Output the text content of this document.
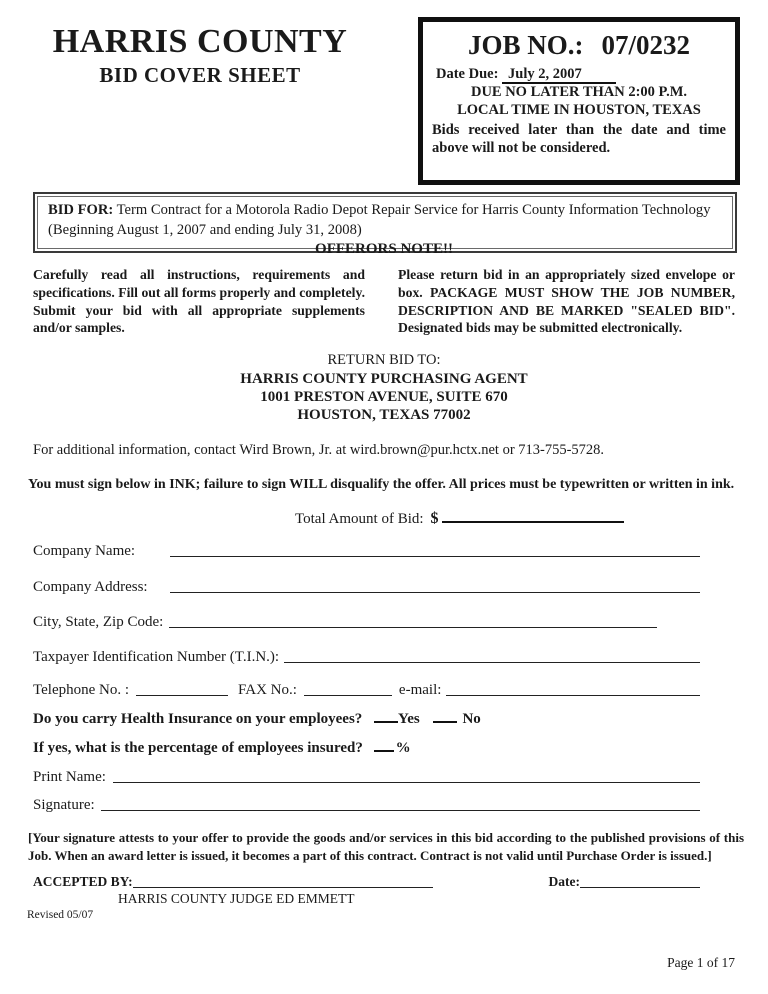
HARRIS COUNTY
BID COVER SHEET
JOB NO.: 07/0232
Date Due: July 2, 2007
DUE NO LATER THAN 2:00 P.M.
LOCAL TIME IN HOUSTON, TEXAS
Bids received later than the date and time above will not be considered.
BID FOR: Term Contract for a Motorola Radio Depot Repair Service for Harris County Information Technology (Beginning August 1, 2007 and ending July 31, 2008)
OFFERORS NOTE!!
Carefully read all instructions, requirements and specifications. Fill out all forms properly and completely. Submit your bid with all appropriate supplements and/or samples.
Please return bid in an appropriately sized envelope or box. PACKAGE MUST SHOW THE JOB NUMBER, DESCRIPTION AND BE MARKED "SEALED BID". Designated bids may be submitted electronically.
RETURN BID TO:
HARRIS COUNTY PURCHASING AGENT
1001 PRESTON AVENUE, SUITE 670
HOUSTON, TEXAS 77002
For additional information, contact Wird Brown, Jr. at wird.brown@pur.hctx.net or 713-755-5728.
You must sign below in INK; failure to sign WILL disqualify the offer. All prices must be typewritten or written in ink.
Total Amount of Bid: $
Company Name:
Company Address:
City, State, Zip Code:
Taxpayer Identification Number (T.I.N.):
Telephone No. :	FAX No.:	e-mail:
Do you carry Health Insurance on your employees? Yes	No
If yes, what is the percentage of employees insured? %
Print Name:
Signature:
[Your signature attests to your offer to provide the goods and/or services in this bid according to the published provisions of this Job. When an award letter is issued, it becomes a part of this contract. Contract is not valid until Purchase Order is issued.]
ACCEPTED BY:	Date:
HARRIS COUNTY JUDGE ED EMMETT
Revised 05/07
Page 1 of 17
